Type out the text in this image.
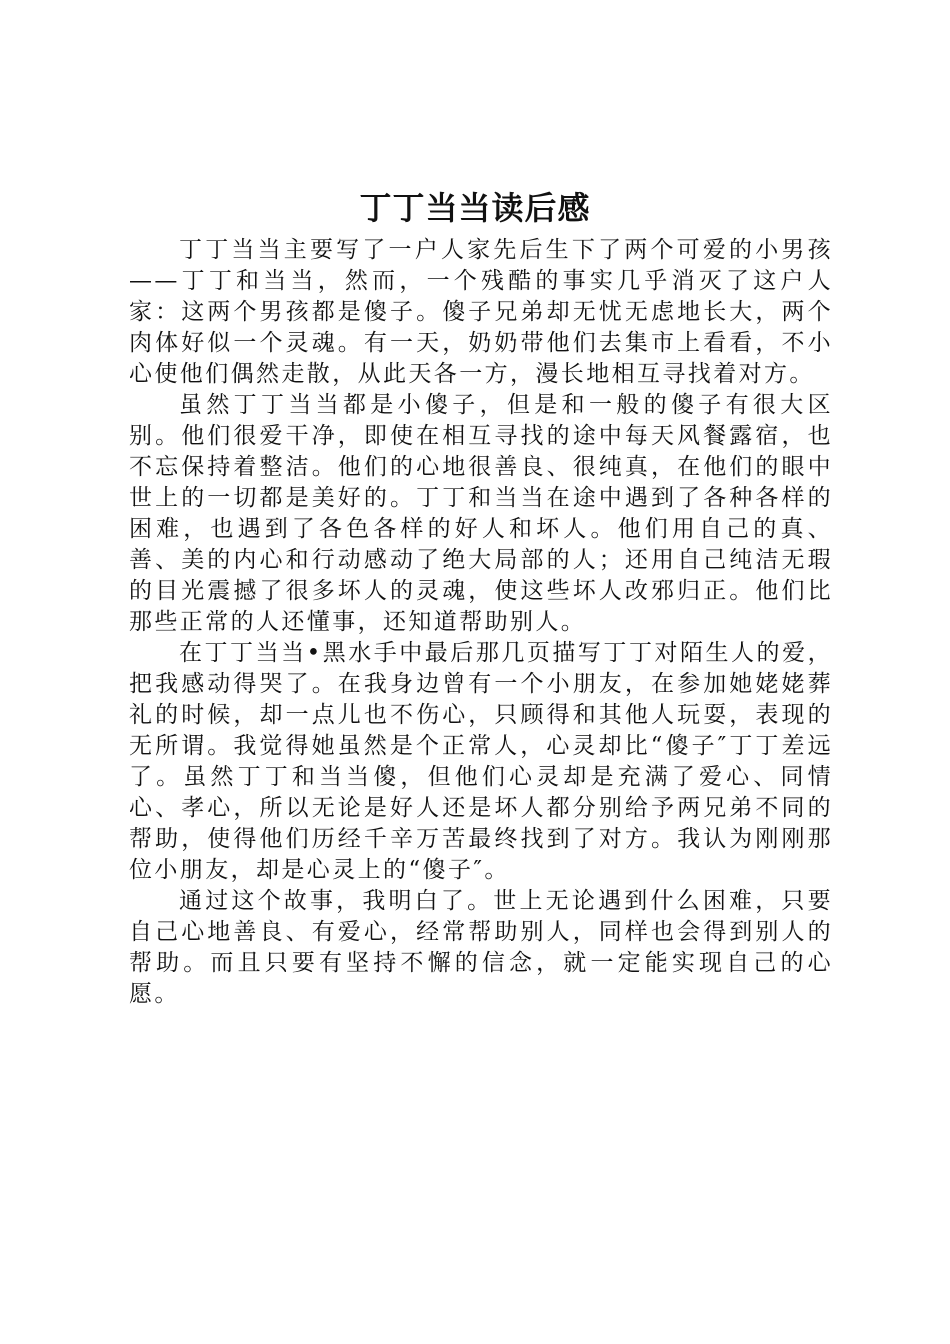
丁丁当当读后感

丁丁当当主要写了一户人家先后生下了两个可爱的小男孩——丁丁和当当，然而，一个残酷的事实几乎消灭了这户人家：这两个男孩都是傻子。傻子兄弟却无忧无虑地长大，两个肉体好似一个灵魂。有一天，奶奶带他们去集市上看看，不小心使他们偶然走散，从此天各一方，漫长地相互寻找着对方。

虽然丁丁当当都是小傻子，但是和一般的傻子有很大区别。他们很爱干净，即使在相互寻找的途中每天风餐露宿，也不忘保持着整洁。他们的心地很善良、很纯真，在他们的眼中世上的一切都是美好的。丁丁和当当在途中遇到了各种各样的困难，也遇到了各色各样的好人和坏人。他们用自己的真、善、美的内心和行动感动了绝大局部的人；还用自己纯洁无瑕的目光震撼了很多坏人的灵魂，使这些坏人改邪归正。他们比那些正常的人还懂事，还知道帮助别人。

在丁丁当当•黑水手中最后那几页描写丁丁对陌生人的爱，把我感动得哭了。在我身边曾有一个小朋友，在参加她姥姥葬礼的时候，却一点儿也不伤心，只顾得和其他人玩耍，表现的无所谓。我觉得她虽然是个正常人，心灵却比“傻子″丁丁差远了。虽然丁丁和当当傻，但他们心灵却是充满了爱心、同情心、孝心，所以无论是好人还是坏人都分别给予两兄弟不同的帮助，使得他们历经千辛万苦最终找到了对方。我认为刚刚那位小朋友，却是心灵上的“傻子″。

通过这个故事，我明白了。世上无论遇到什么困难，只要自己心地善良、有爱心，经常帮助别人，同样也会得到别人的帮助。而且只要有坚持不懈的信念，就一定能实现自己的心愿。
